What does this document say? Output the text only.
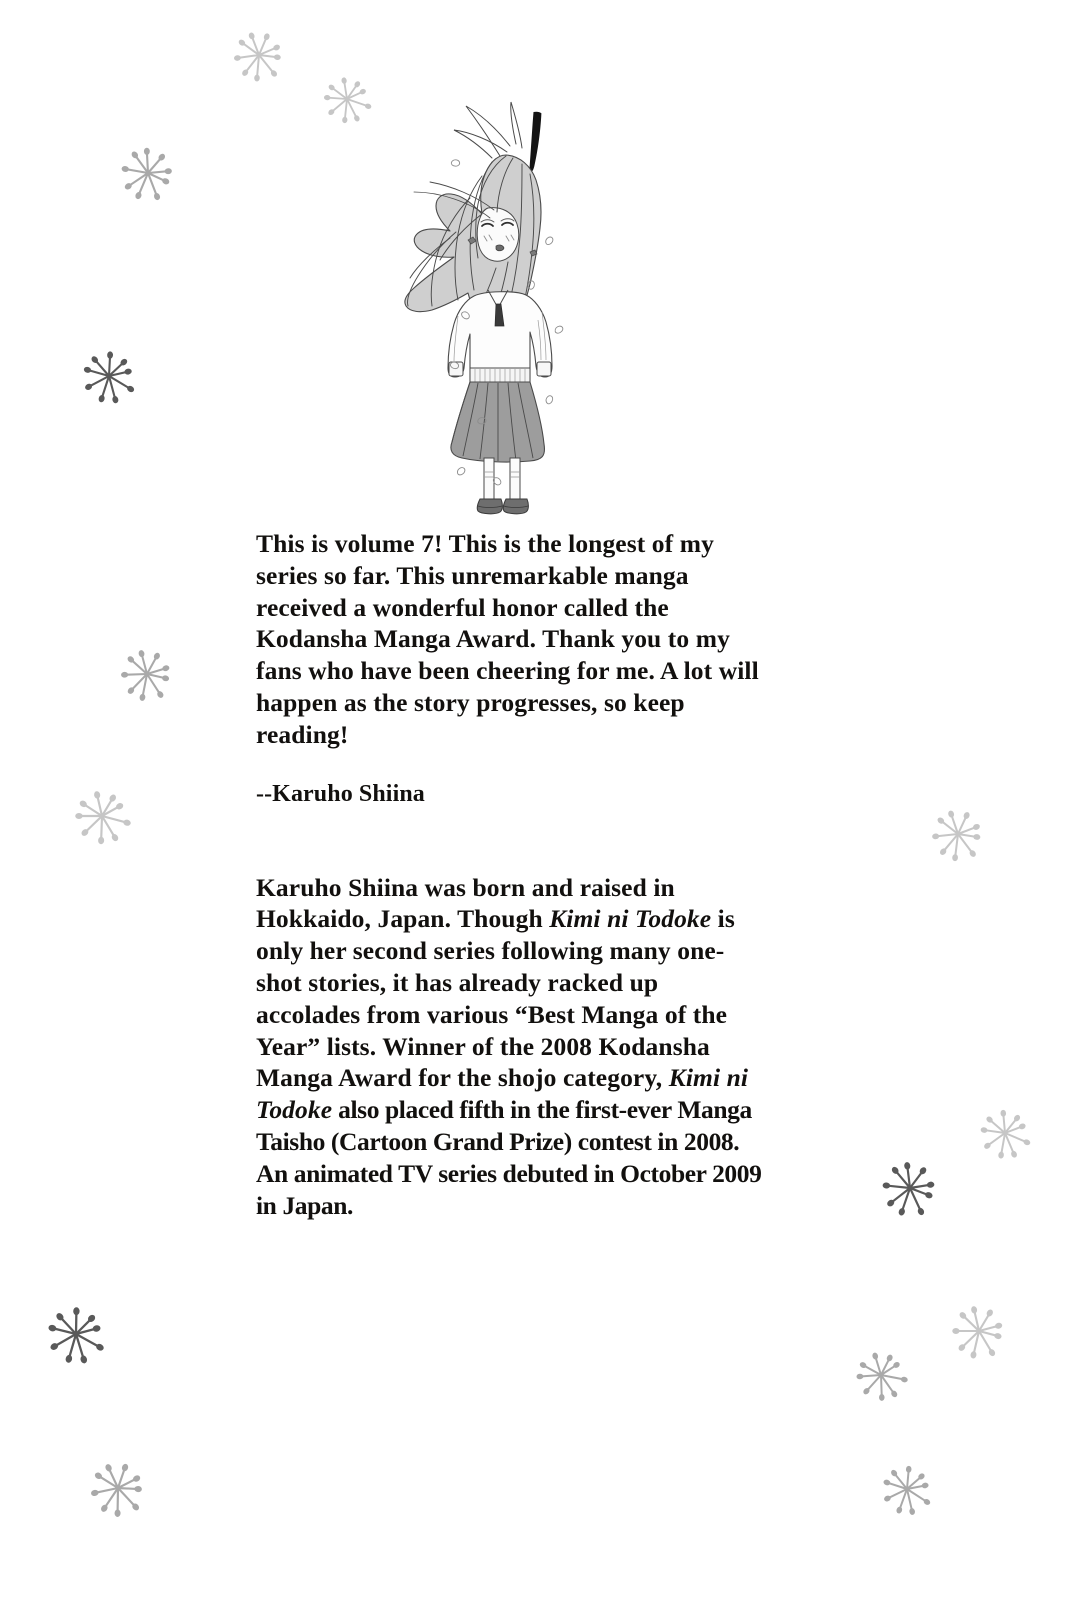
This is volume 7! This is the longest of my series so far. This unremarkable manga received a wonderful honor called the Kodansha Manga Award. Thank you to my fans who have been cheering for me. A lot will happen as the story progresses, so keep reading!

--Karuho Shiina

Karuho Shiina was born and raised in Hokkaido, Japan. Though Kimi ni Todoke is only her second series following many one-shot stories, it has already racked up accolades from various “Best Manga of the Year” lists. Winner of the 2008 Kodansha Manga Award for the shojo category, Kimi ni Todoke also placed fifth in the first-ever Manga Taisho (Cartoon Grand Prize) contest in 2008. An animated TV series debuted in October 2009 in Japan.
